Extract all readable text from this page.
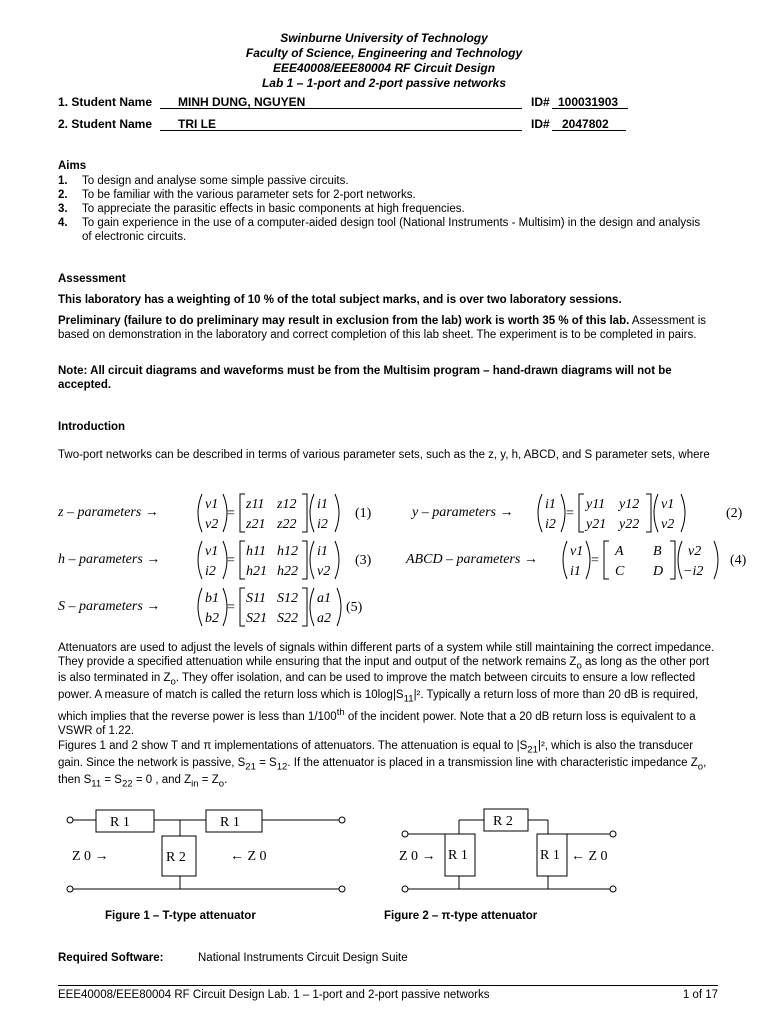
Swinburne University of Technology
Faculty of Science, Engineering and Technology
EEE40008/EEE80004 RF Circuit Design
Lab 1 – 1-port and 2-port passive networks
1. Student Name	MINH DUNG, NGUYEN	ID# 100031903
2. Student Name	TRI LE	ID#	2047802
Aims
1.	To design and analyse some simple passive circuits.
2.	To be familiar with the various parameter sets for 2-port networks.
3.	To appreciate the parasitic effects in basic components at high frequencies.
4.	To gain experience in the use of a computer-aided design tool (National Instruments - Multisim) in the design and analysis of electronic circuits.
Assessment
This laboratory has a weighting of 10 % of the total subject marks, and is over two laboratory sessions.
Preliminary (failure to do preliminary may result in exclusion from the lab) work is worth 35 % of this lab. Assessment is based on demonstration in the laboratory and correct completion of this lab sheet. The experiment is to be completed in pairs.
Note: All circuit diagrams and waveforms must be from the Multisim program – hand-drawn diagrams will not be accepted.
Introduction
Two-port networks can be described in terms of various parameter sets, such as the z, y, h, ABCD, and S parameter sets, where
z – parameters →
v1
v2
=
z11 z12
z21 z22
i1
i2
(1)	y – parameters →
i1
i2
=
y11 y12
y21 y22
v1
v2
(2)
h – parameters →
v1
i2
=
h11 h12
h21 h22
i1
v2
(3) ABCD – parameters →
v1
i1
=
A B
C D
v2
−i2
(4)
S – parameters →
b1
b2
=
S11 S12
S21 S22
a1
a2
(5)
Attenuators are used to adjust the levels of signals within different parts of a system while still maintaining the correct impedance. They provide a specified attenuation while ensuring that the input and output of the network remains $Z_o$ as long as the other port is also terminated in $Z_o$. They offer isolation, and can be used to improve the match between circuits to ensure a low reflected power. A measure of match is called the return loss which is $10\log|S_{11}|^2$. Typically a return loss of more than 20 dB is required, which implies that the reverse power is less than 1/100th of the incident power. Note that a 20 dB return loss is equivalent to a VSWR of 1.22.
Figures 1 and 2 show T and π implementations of attenuators. The attenuation is equal to $|S_{21}|^2$, which is also the transducer gain. Since the network is passive, $S_{21} = S_{12}$. If the attenuator is placed in a transmission line with characteristic impedance $Z_o$, then $S_{11} = S_{22} = 0$ , and $Z_{in} = Z_o$.
R 1	R 1
R 2
Z 0 →	← Z 0
Figure 1 – T-type attenuator
R 2
R 1	R 1
Z 0 →	← Z 0
Figure 2 – π-type attenuator
Required Software:	National Instruments Circuit Design Suite
EEE40008/EEE80004 RF Circuit Design Lab. 1 – 1-port and 2-port passive networks	1 of 17
